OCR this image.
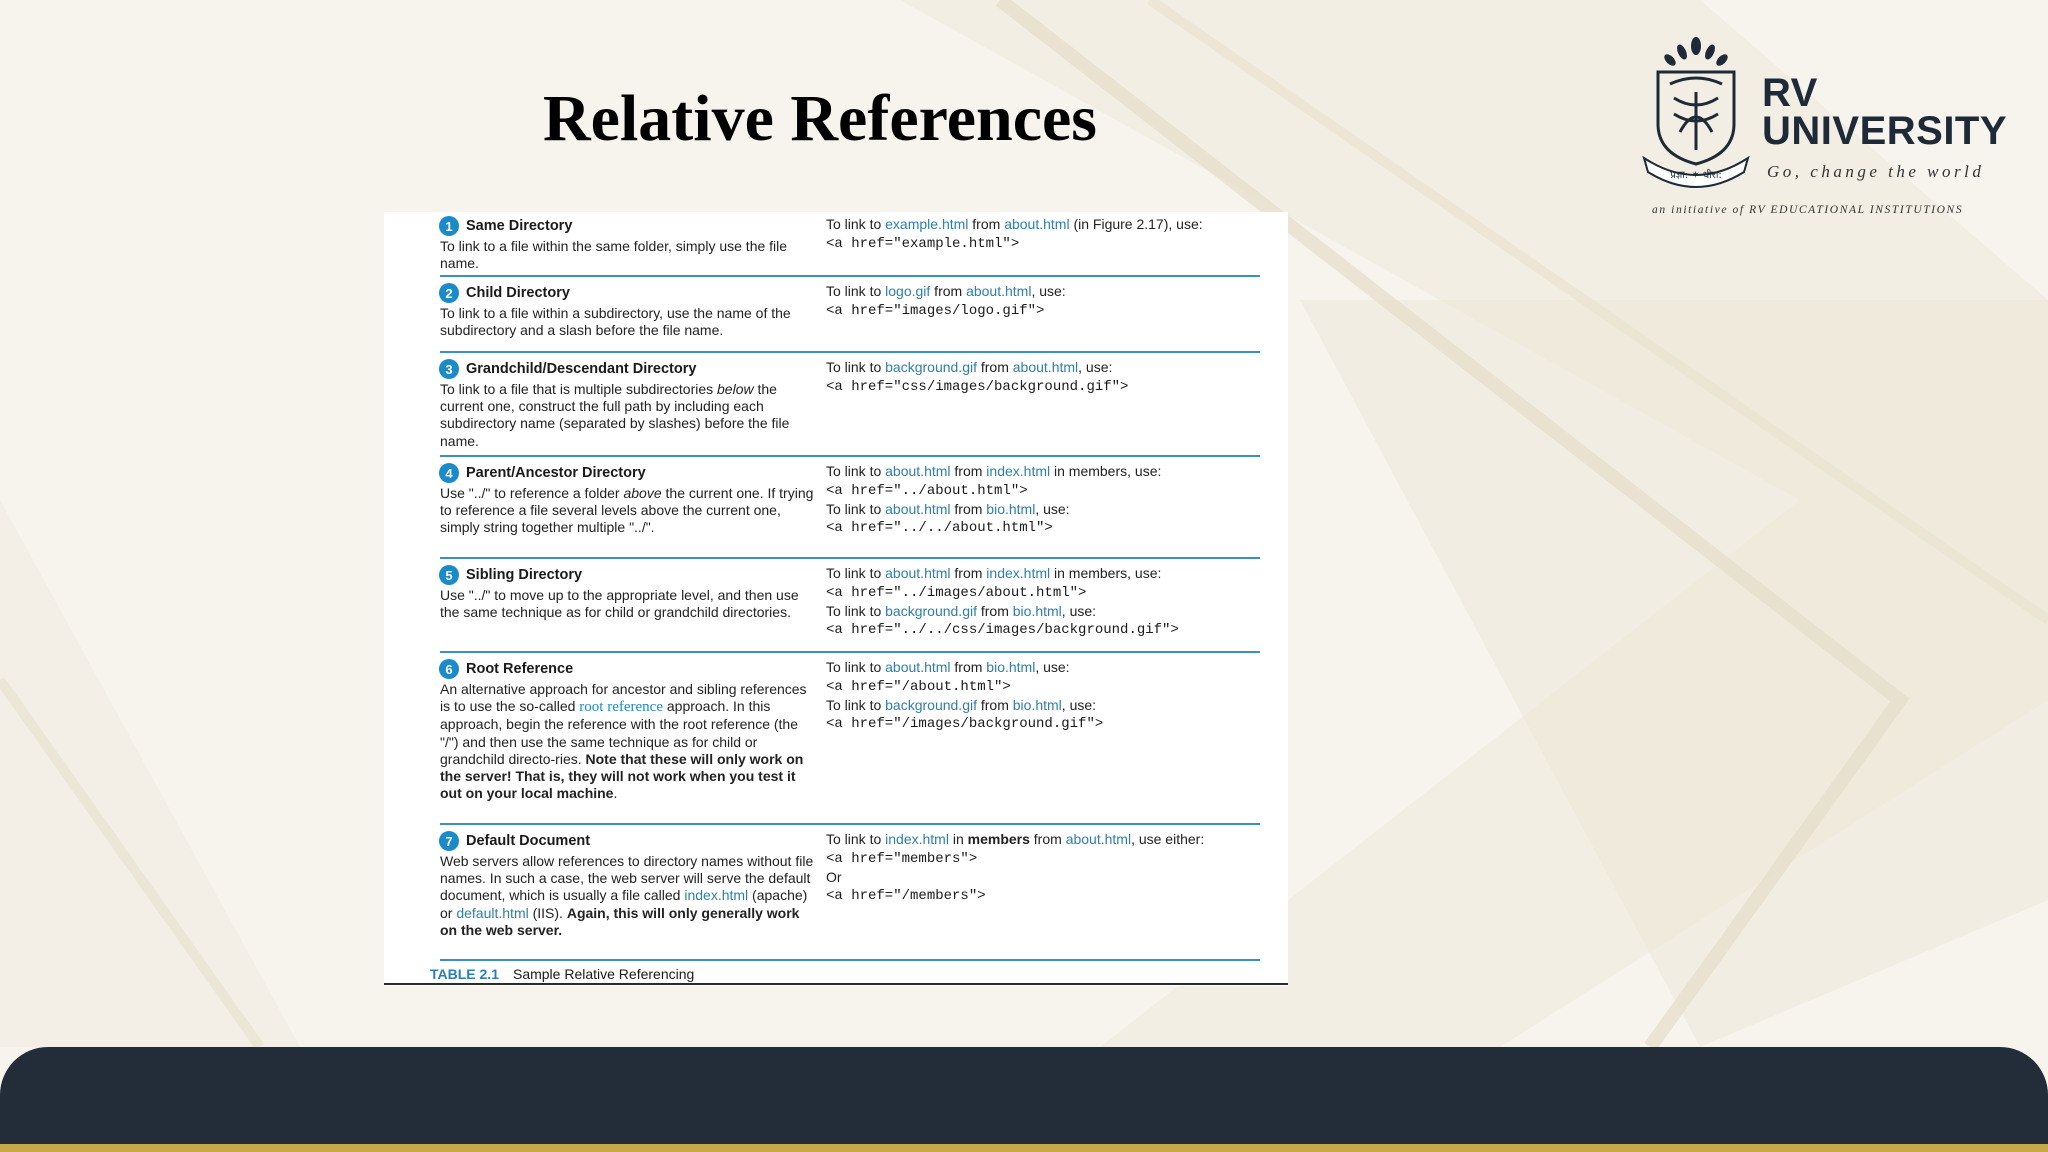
Relative References
प्रज्ञा: ✶ धीरा:
RV
UNIVERSITY
Go, change the world
an initiative of RV EDUCATIONAL INSTITUTIONS
1 Same Directory
To link to a file within the same folder, simply use the file name.
To link to example.html from about.html (in Figure 2.17), use:
<a href="example.html">
2 Child Directory
To link to a file within a subdirectory, use the name of the subdirectory and a slash before the file name.
To link to logo.gif from about.html, use:
<a href="images/logo.gif">
3 Grandchild/Descendant Directory
To link to a file that is multiple subdirectories below the current one, construct the full path by including each subdirectory name (separated by slashes) before the file name.
To link to background.gif from about.html, use:
<a href="css/images/background.gif">
4 Parent/Ancestor Directory
Use "../" to reference a folder above the current one. If trying to reference a file several levels above the current one, simply string together multiple "../".
To link to about.html from index.html in members, use:
<a href="../about.html">
To link to about.html from bio.html, use:
<a href="../../about.html">
5 Sibling Directory
Use "../" to move up to the appropriate level, and then use the same technique as for child or grandchild directories.
To link to about.html from index.html in members, use:
<a href="../images/about.html">
To link to background.gif from bio.html, use:
<a href="../../css/images/background.gif">
6 Root Reference
An alternative approach for ancestor and sibling references is to use the so-called root reference approach. In this approach, begin the reference with the root reference (the "/") and then use the same technique as for child or grandchild directo-ries. Note that these will only work on the server! That is, they will not work when you test it out on your local machine.
To link to about.html from bio.html, use:
<a href="/about.html">
To link to background.gif from bio.html, use:
<a href="/images/background.gif">
7 Default Document
Web servers allow references to directory names without file names. In such a case, the web server will serve the default document, which is usually a file called index.html (apache) or default.html (IIS). Again, this will only generally work on the web server.
To link to index.html in members from about.html, use either:
<a href="members">
Or
<a href="/members">
TABLE 2.1 Sample Relative Referencing
